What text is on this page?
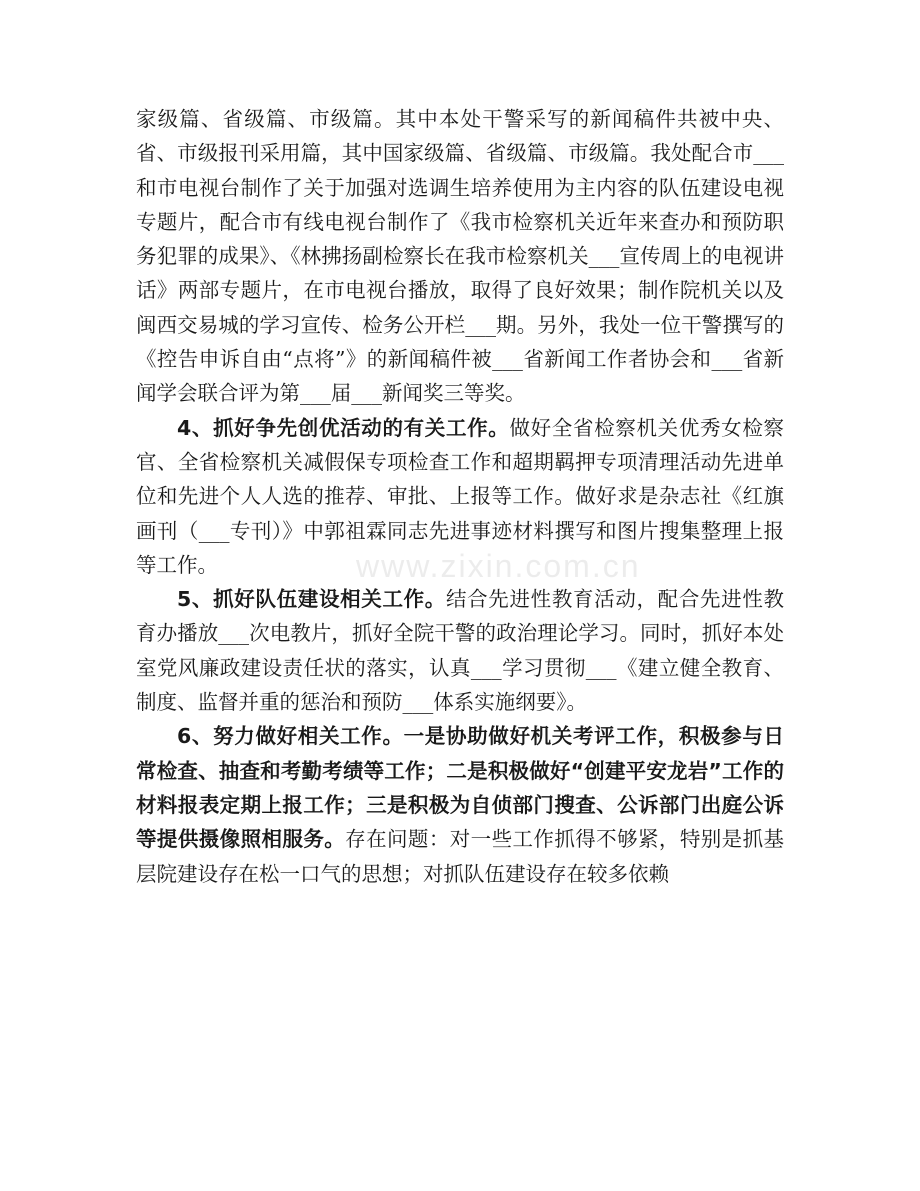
www.zixin.com.cn

家级篇、省级篇、市级篇。其中本处干警采写的新闻稿件共被中央、省、市级报刊采用篇，其中国家级篇、省级篇、市级篇。我处配合市___和市电视台制作了关于加强对选调生培养使用为主内容的队伍建设电视专题片，配合市有线电视台制作了《我市检察机关近年来查办和预防职务犯罪的成果》、《林拂扬副检察长在我市检察机关___宣传周上的电视讲话》两部专题片，在市电视台播放，取得了良好效果；制作院机关以及闽西交易城的学习宣传、检务公开栏___期。另外，我处一位干警撰写的《控告申诉自由“点将”》的新闻稿件被___省新闻工作者协会和___省新闻学会联合评为第___届___新闻奖三等奖。

4、抓好争先创优活动的有关工作。做好全省检察机关优秀女检察官、全省检察机关减假保专项检查工作和超期羁押专项清理活动先进单位和先进个人人选的推荐、审批、上报等工作。做好求是杂志社《红旗画刊（___专刊）》中郭祖霖同志先进事迹材料撰写和图片搜集整理上报等工作。

5、抓好队伍建设相关工作。结合先进性教育活动，配合先进性教育办播放___次电教片，抓好全院干警的政治理论学习。同时，抓好本处室党风廉政建设责任状的落实，认真___学习贯彻___《建立健全教育、制度、监督并重的惩治和预防___体系实施纲要》。

6、努力做好相关工作。一是协助做好机关考评工作，积极参与日常检查、抽查和考勤考绩等工作；二是积极做好“创建平安龙岩”工作的材料报表定期上报工作；三是积极为自侦部门搜查、公诉部门出庭公诉等提供摄像照相服务。存在问题：对一些工作抓得不够紧，特别是抓基层院建设存在松一口气的思想；对抓队伍建设存在较多依赖
